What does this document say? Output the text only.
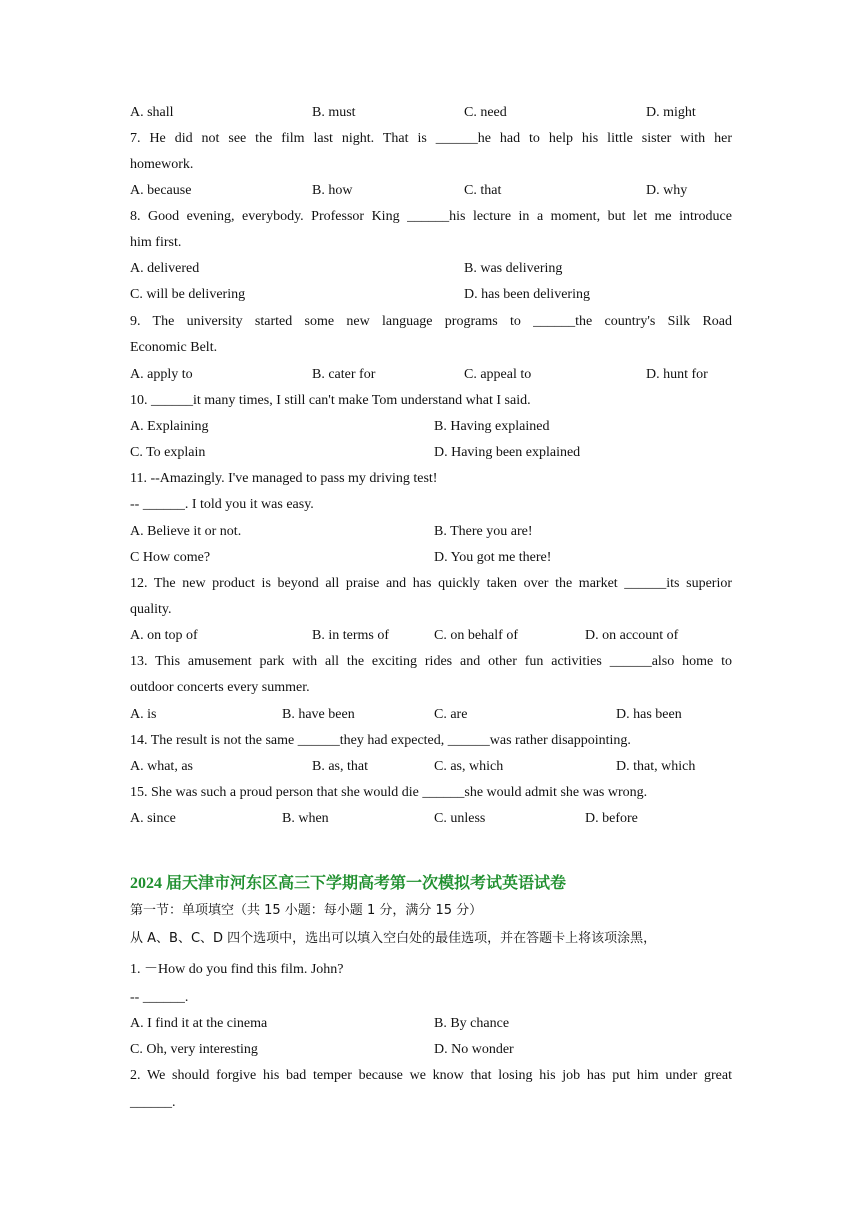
A. shall	B. must	C. need	D. might
7. He did not see the film last night. That is ______he had to help his little sister with her
homework.
A. because	B. how	C. that	D. why
8. Good evening, everybody. Professor King ______his lecture in a moment, but let me introduce
him first.
A. delivered	B. was delivering
C. will be delivering	D. has been delivering
9. The university started some new language programs to ______the country's Silk Road
Economic Belt.
A. apply to	B. cater for	C. appeal to	D. hunt for
10. ______it many times, I still can't make Tom understand what I said.
A. Explaining	B. Having explained
C. To explain	D. Having been explained
11. --Amazingly. I've managed to pass my driving test!
-- ______. I told you it was easy.
A. Believe it or not.	B. There you are!
C How come?	D. You got me there!
12. The new product is beyond all praise and has quickly taken over the market ______its superior
quality.
A. on top of	B. in terms of	C. on behalf of	D. on account of
13. This amusement park with all the exciting rides and other fun activities ______also home to
outdoor concerts every summer.
A. is	B. have been	C. are	D. has been
14. The result is not the same ______they had expected, ______was rather disappointing.
A. what, as	B. as, that	C. as, which	D. that, which
15. She was such a proud person that she would die ______she would admit she was wrong.
A. since	B. when	C. unless	D. before
2024 届天津市河东区高三下学期高考第一次模拟考试英语试卷
第一节：单项填空（共 15 小题：每小题 1 分，满分 15 分）
从 A、B、C、D 四个选项中，选出可以填入空白处的最佳选项，并在答题卡上将该项涂黑，
1. －How do you find this film. John?
-- ______.
A. I find it at the cinema	B. By chance
C. Oh, very interesting	D. No wonder
2. We should forgive his bad temper because we know that losing his job has put him under great
______.
